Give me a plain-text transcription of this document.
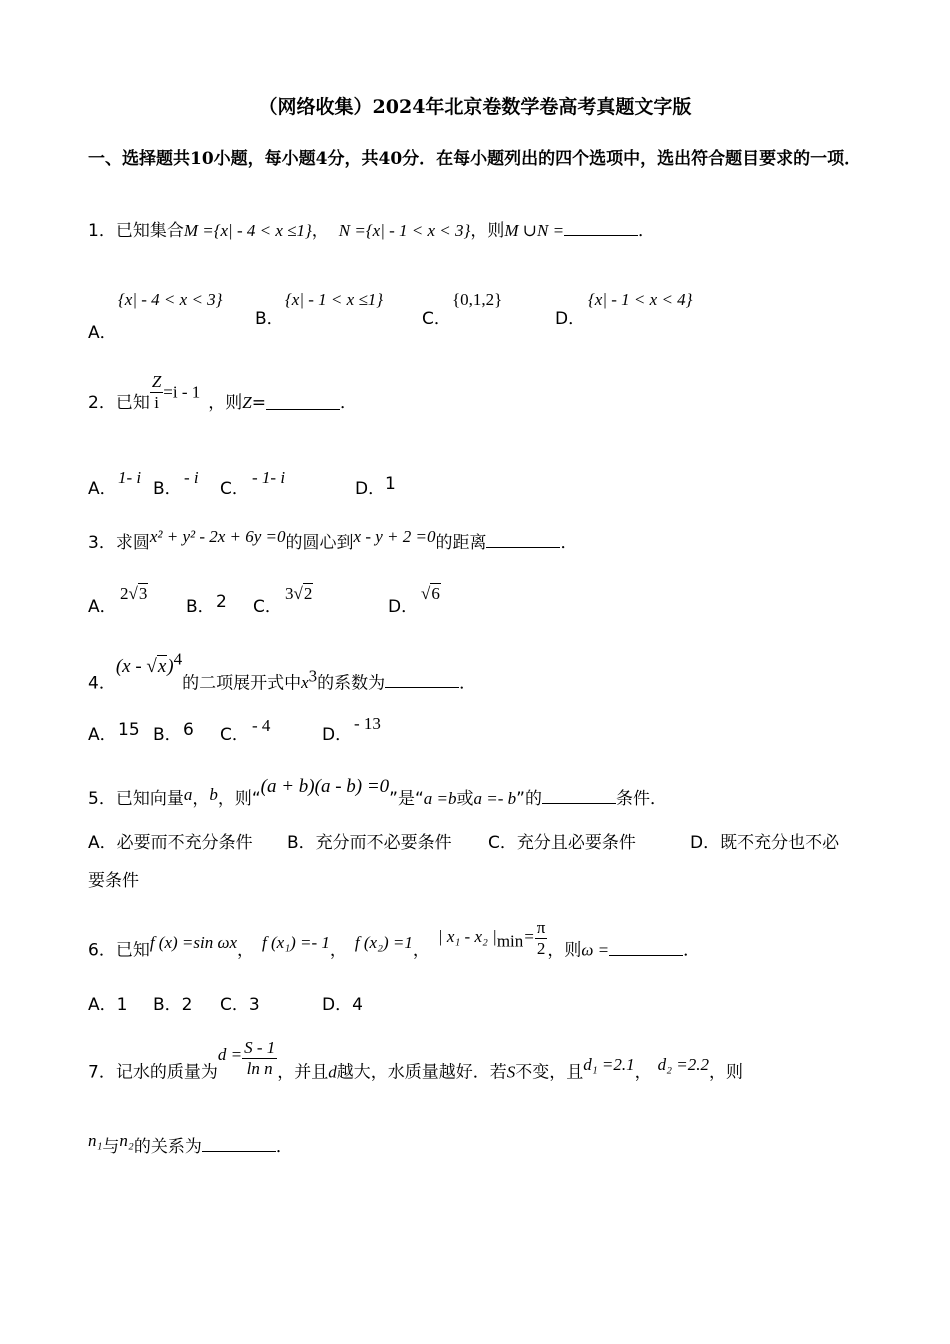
（网络收集）2024年北京卷数学卷高考真题文字版
一、选择题共10小题，每小题4分，共40分．在每小题列出的四个选项中，选出符合题目要求的一项．
1．已知集合M ={x| - 4 < x ≤1}， N ={x| - 1 < x < 3}，则M ∪N =	．
A．
{x| - 4 < x < 3}
B．
{x| - 1 < x ≤1}
C．
{0,1,2}
D．
{x| - 1 < x < 4}
2．已知 $\frac{Z}{i} =i - 1$，则Z=	．
A．
1- i
B．
- i
C．
- 1- i
D． 1
3．求圆x² + y² - 2x + 6y =0的圆心到x - y + 2 =0的距离	．
A．
2√3
B． 2 C．
3√2
D．
√6
4．(x - √x)$^4$的二项展开式中$x^3$的系数为	．
A． 15 B． 6 C． - 4	D．
- 13
5．已知向量a，b，则“(a + b)(a - b) =0”是“a =b或a =- b”的	条件．
A．必要而不充分条件 B．充分而不必要条件 C．充分且必要条件	D．既不充分也不必
要条件
6．已知f (x) =sin ωx， f (x₁) =- 1， f (x₂) =1，| x₁ - x₂ $|_{min}= \frac{\pi}{2}$ ，则ω =	．
A．1 B．2 C．3	D．4
7．记水的质量为$d = \frac{S - 1}{\text{ln n}}$ ，并且d越大，水质量越好．若S不变，且d₁ =2.1， d₂ =2.2，则
n₁与n₂的关系为	．
